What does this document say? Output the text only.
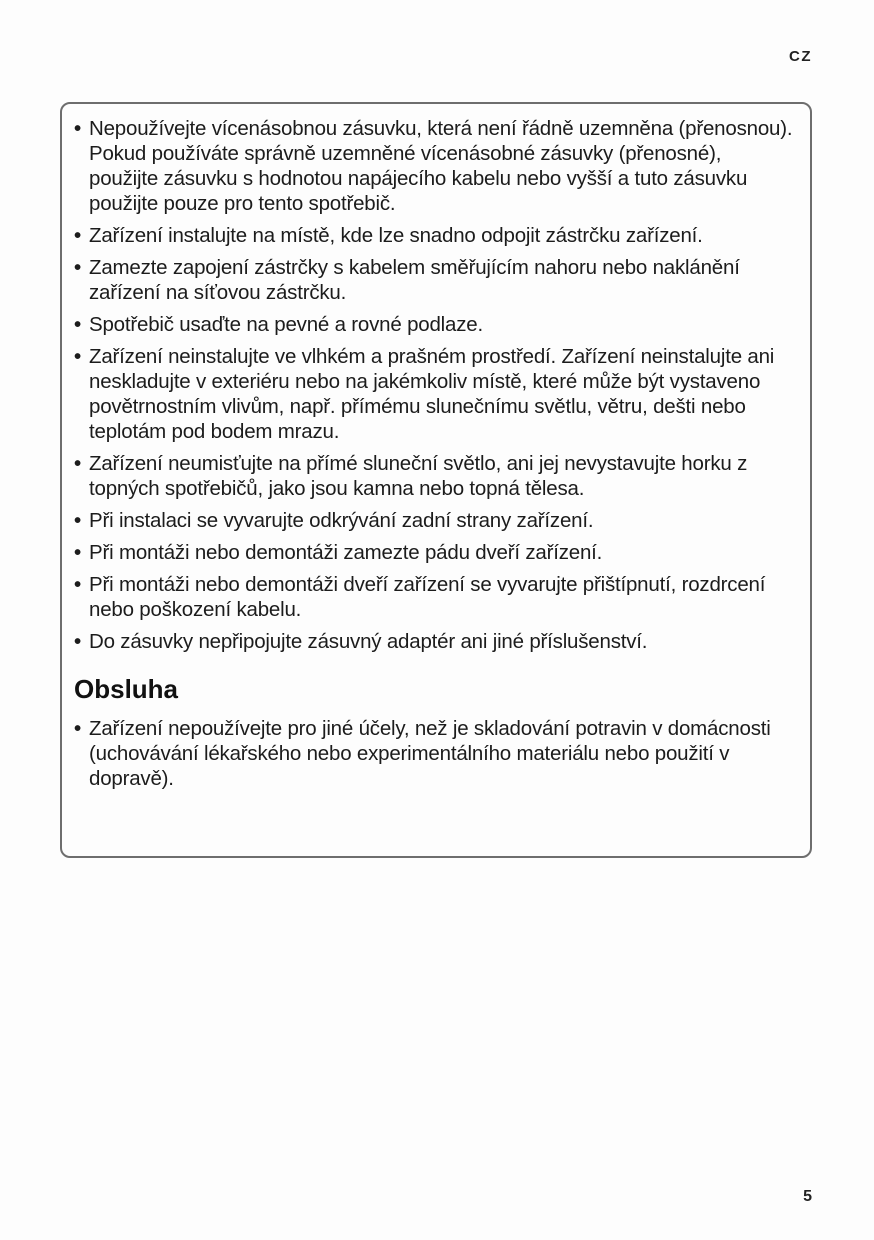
CZ
•
Nepoužívejte vícenásobnou zásuvku, která není řádně uzemněna (přenosnou). Pokud používáte správně uzemněné vícenásobné zásuvky (přenosné), použijte zásuvku s hodnotou napájecího kabelu nebo vyšší a tuto zásuvku použijte pouze pro tento spotřebič.
•
Zařízení instalujte na místě, kde lze snadno odpojit zástrčku zařízení.
•
Zamezte zapojení zástrčky s kabelem směřujícím nahoru nebo naklánění zařízení na síťovou zástrčku.
•
Spotřebič usaďte na pevné a rovné podlaze.
•
Zařízení neinstalujte ve vlhkém a prašném prostředí. Zařízení neinstalujte ani neskladujte v exteriéru nebo na jakémkoliv místě, které může být vystaveno povětrnostním vlivům, např. přímému slunečnímu světlu, větru, dešti nebo teplotám pod bodem mrazu.
•
Zařízení neumisťujte na přímé sluneční světlo, ani jej nevystavujte horku z topných spotřebičů, jako jsou kamna nebo topná tělesa.
•
Při instalaci se vyvarujte odkrývání zadní strany zařízení.
•
Při montáži nebo demontáži zamezte pádu dveří zařízení.
•
Při montáži nebo demontáži dveří zařízení se vyvarujte přištípnutí, rozdrcení nebo poškození kabelu.
•
Do zásuvky nepřipojujte zásuvný adaptér ani jiné příslušenství.
Obsluha
•
Zařízení nepoužívejte pro jiné účely, než je skladování potravin v domácnosti (uchovávání lékařského nebo experimentálního materiálu nebo použití v dopravě).
5
